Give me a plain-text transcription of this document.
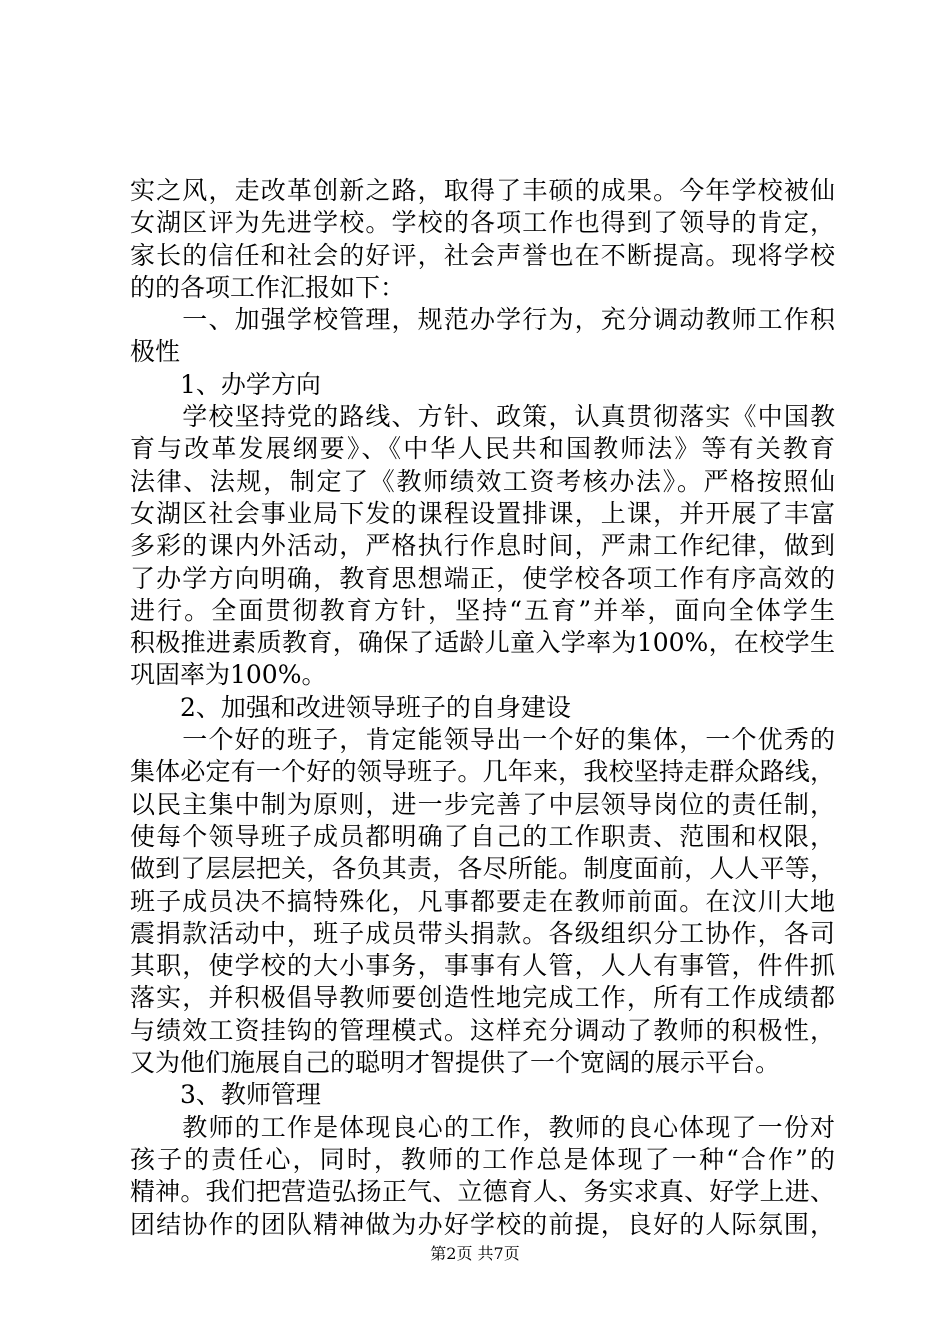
实之风，走改革创新之路，取得了丰硕的成果。今年学校被仙
女湖区评为先进学校。学校的各项工作也得到了领导的肯定，
家长的信任和社会的好评，社会声誉也在不断提高。现将学校
的的各项工作汇报如下：
　　一、加强学校管理，规范办学行为，充分调动教师工作积
极性
　　1、办学方向
　　学校坚持党的路线、方针、政策，认真贯彻落实《中国教
育与改革发展纲要》、《中华人民共和国教师法》等有关教育
法律、法规，制定了《教师绩效工资考核办法》。严格按照仙
女湖区社会事业局下发的课程设置排课，上课，并开展了丰富
多彩的课内外活动，严格执行作息时间，严肃工作纪律，做到
了办学方向明确，教育思想端正，使学校各项工作有序高效的
进行。全面贯彻教育方针，坚持“五育”并举，面向全体学生
积极推进素质教育，确保了适龄儿童入学率为100%，在校学生
巩固率为100%。
　　2、加强和改进领导班子的自身建设
　　一个好的班子，肯定能领导出一个好的集体，一个优秀的
集体必定有一个好的领导班子。几年来，我校坚持走群众路线，
以民主集中制为原则，进一步完善了中层领导岗位的责任制，
使每个领导班子成员都明确了自己的工作职责、范围和权限，
做到了层层把关，各负其责，各尽所能。制度面前，人人平等，
班子成员决不搞特殊化，凡事都要走在教师前面。在汶川大地
震捐款活动中，班子成员带头捐款。各级组织分工协作，各司
其职，使学校的大小事务，事事有人管，人人有事管，件件抓
落实，并积极倡导教师要创造性地完成工作，所有工作成绩都
与绩效工资挂钩的管理模式。这样充分调动了教师的积极性，
又为他们施展自己的聪明才智提供了一个宽阔的展示平台。
　　3、教师管理
　　教师的工作是体现良心的工作，教师的良心体现了一份对
孩子的责任心，同时，教师的工作总是体现了一种“合作”的
精神。我们把营造弘扬正气、立德育人、务实求真、好学上进、
团结协作的团队精神做为办好学校的前提，良好的人际氛围，
第2页 共7页
